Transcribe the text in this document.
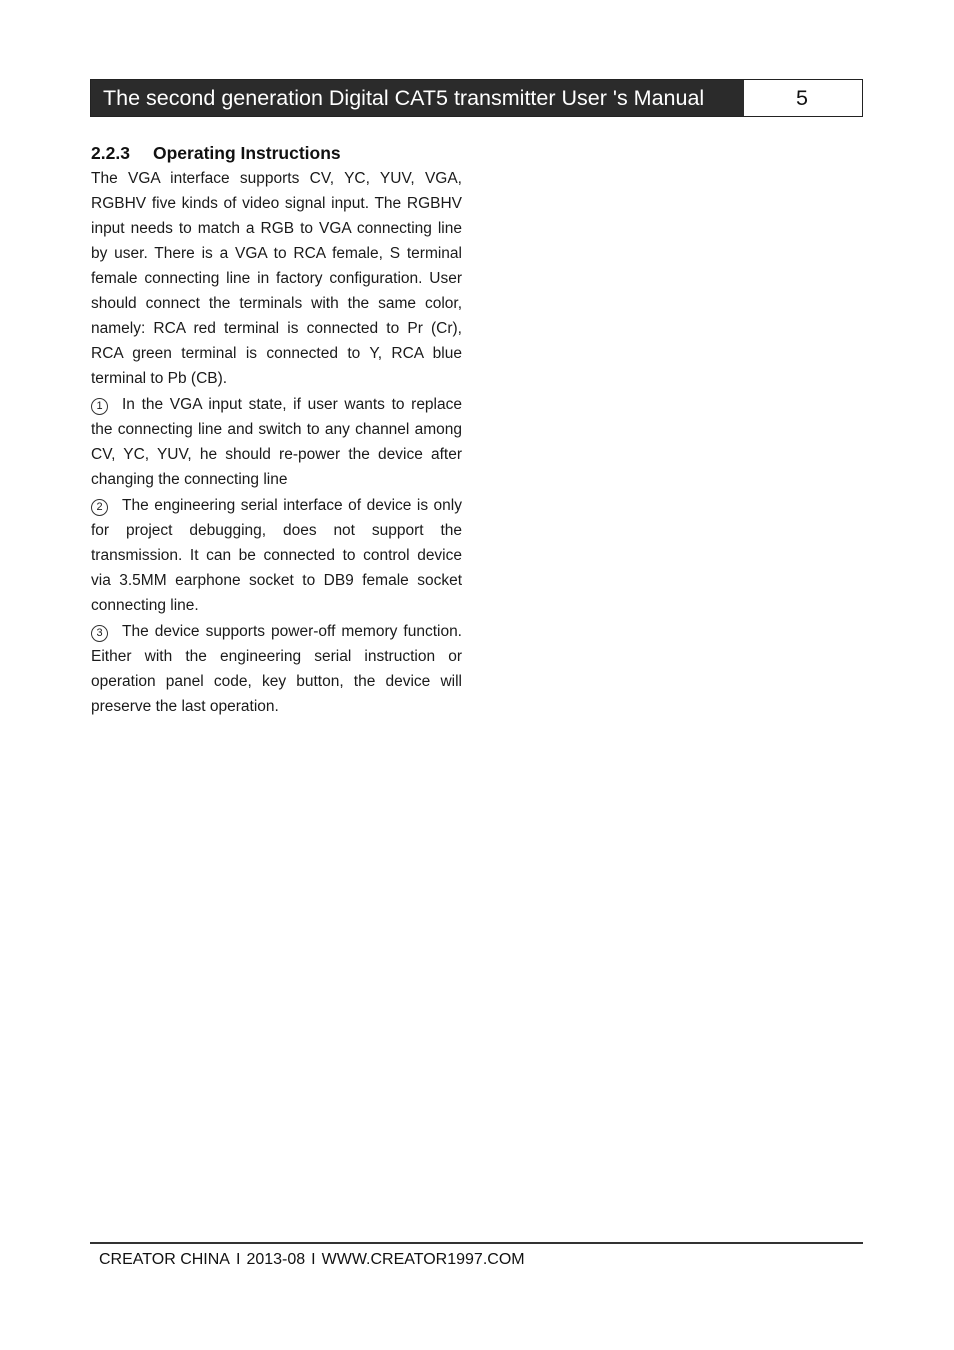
The second generation Digital CAT5 transmitter User 's Manual	5
2.2.3 Operating Instructions

The VGA interface supports CV, YC, YUV, VGA, RGBHV five kinds of video signal input. The RGBHV input needs to match a RGB to VGA connecting line by user. There is a VGA to RCA female, S terminal female connecting line in factory configuration. User should connect the terminals with the same color, namely: RCA red terminal is connected to Pr (Cr), RCA green terminal is connected to Y, RCA blue terminal to Pb (CB).

1 In the VGA input state, if user wants to replace the connecting line and switch to any channel among CV, YC, YUV, he should re-power the device after changing the connecting line

2 The engineering serial interface of device is only for project debugging, does not support the transmission. It can be connected to control device via 3.5MM earphone socket to DB9 female socket connecting line.

3 The device supports power-off memory function. Either with the engineering serial instruction or operation panel code, key button, the device will preserve the last operation.

CREATOR CHINA I 2013-08 I WWW.CREATOR1997.COM
